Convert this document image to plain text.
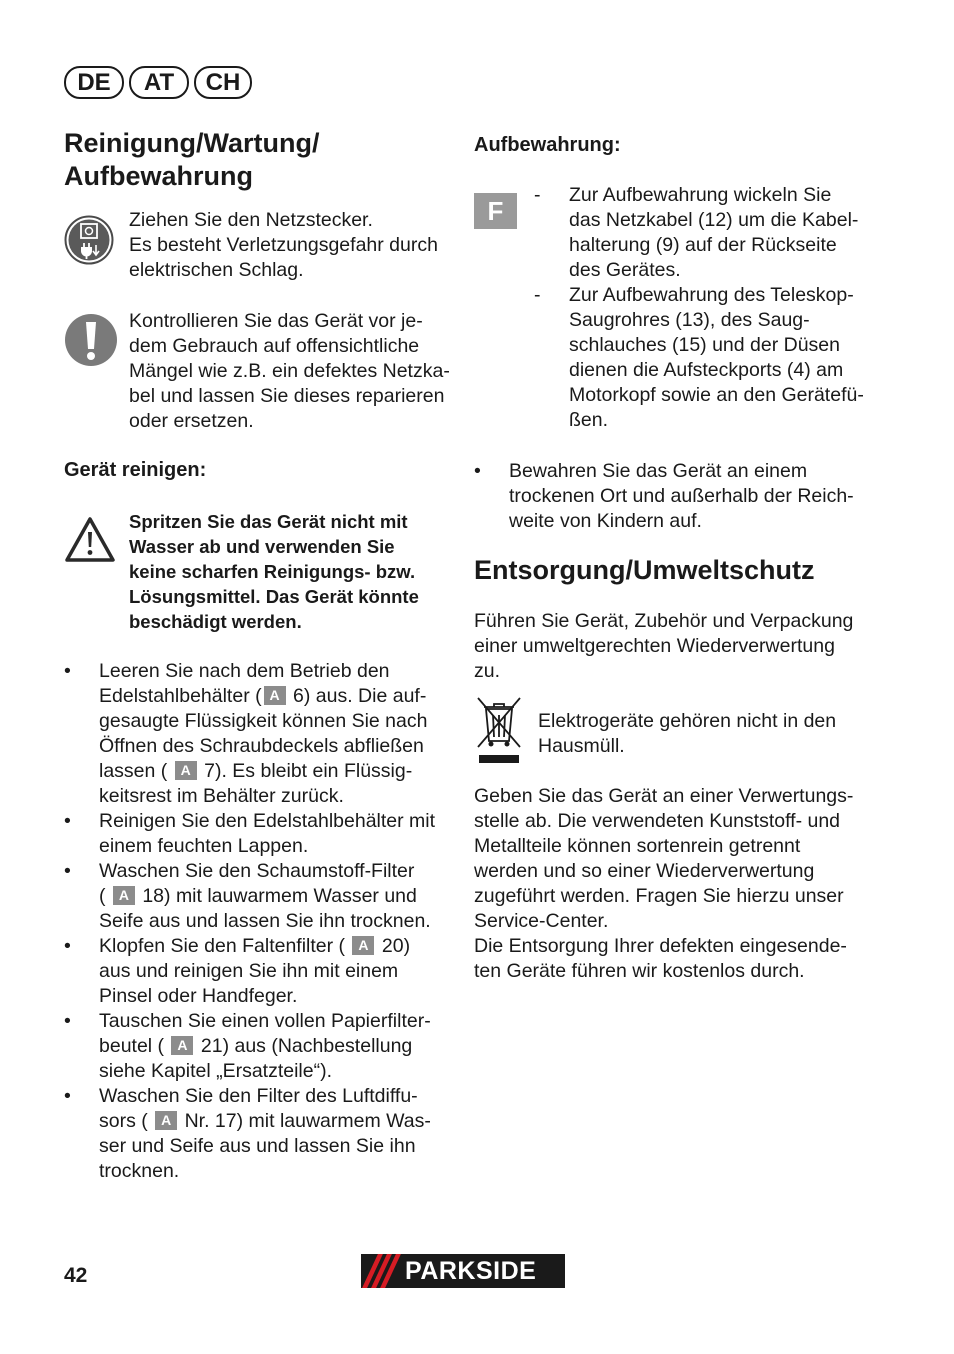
DE	AT	CH
Reinigung/Wartung/
Aufbewahrung
Ziehen Sie den Netzstecker.
Es besteht Verletzungsgefahr durch
elektrischen Schlag.
Kontrollieren Sie das Gerät vor je-
dem Gebrauch auf offensichtliche
Mängel wie z.B. ein defektes Netzka-
bel und lassen Sie dieses reparieren
oder ersetzen.
Gerät reinigen:
Spritzen Sie das Gerät nicht mit
Wasser ab und verwenden Sie
keine scharfen Reinigungs- bzw.
Lösungsmittel. Das Gerät könnte
beschädigt werden.
• Leeren Sie nach dem Betrieb den
Edelstahlbehälter ( A 6) aus. Die auf-
gesaugte Flüssigkeit können Sie nach
Öffnen des Schraubdeckels abfließen
lassen ( A 7). Es bleibt ein Flüssig-
keitsrest im Behälter zurück.
• Reinigen Sie den Edelstahlbehälter mit
einem feuchten Lappen.
• Waschen Sie den Schaumstoff-Filter
( A 18) mit lauwarmem Wasser und
Seife aus und lassen Sie ihn trocknen.
• Klopfen Sie den Faltenfilter ( A 20)
aus und reinigen Sie ihn mit einem
Pinsel oder Handfeger.
• Tauschen Sie einen vollen Papierfilter-
beutel ( A 21) aus (Nachbestellung
siehe Kapitel „Ersatzteile“).
• Waschen Sie den Filter des Luftdiffu-
sors ( A Nr. 17) mit lauwarmem Was-
ser und Seife aus und lassen Sie ihn
trocknen.
Aufbewahrung:
F
- Zur Aufbewahrung wickeln Sie
das Netzkabel (12) um die Kabel-
halterung (9) auf der Rückseite
des Gerätes.
- Zur Aufbewahrung des Teleskop-
Saugrohres (13), des Saug-
schlauches (15) und der Düsen
dienen die Aufsteckports (4) am
Motorkopf sowie an den Gerätefü-
ßen.
• Bewahren Sie das Gerät an einem
trockenen Ort und außerhalb der Reich-
weite von Kindern auf.
Entsorgung/Umweltschutz
Führen Sie Gerät, Zubehör und Verpackung
einer umweltgerechten Wiederverwertung
zu.
Elektrogeräte gehören nicht in den
Hausmüll.
Geben Sie das Gerät an einer Verwertungs-
stelle ab. Die verwendeten Kunststoff- und
Metallteile können sortenrein getrennt
werden und so einer Wiederverwertung
zugeführt werden. Fragen Sie hierzu unser
Service-Center.
Die Entsorgung Ihrer defekten eingesende-
ten Geräte führen wir kostenlos durch.
42	PARKSIDE
